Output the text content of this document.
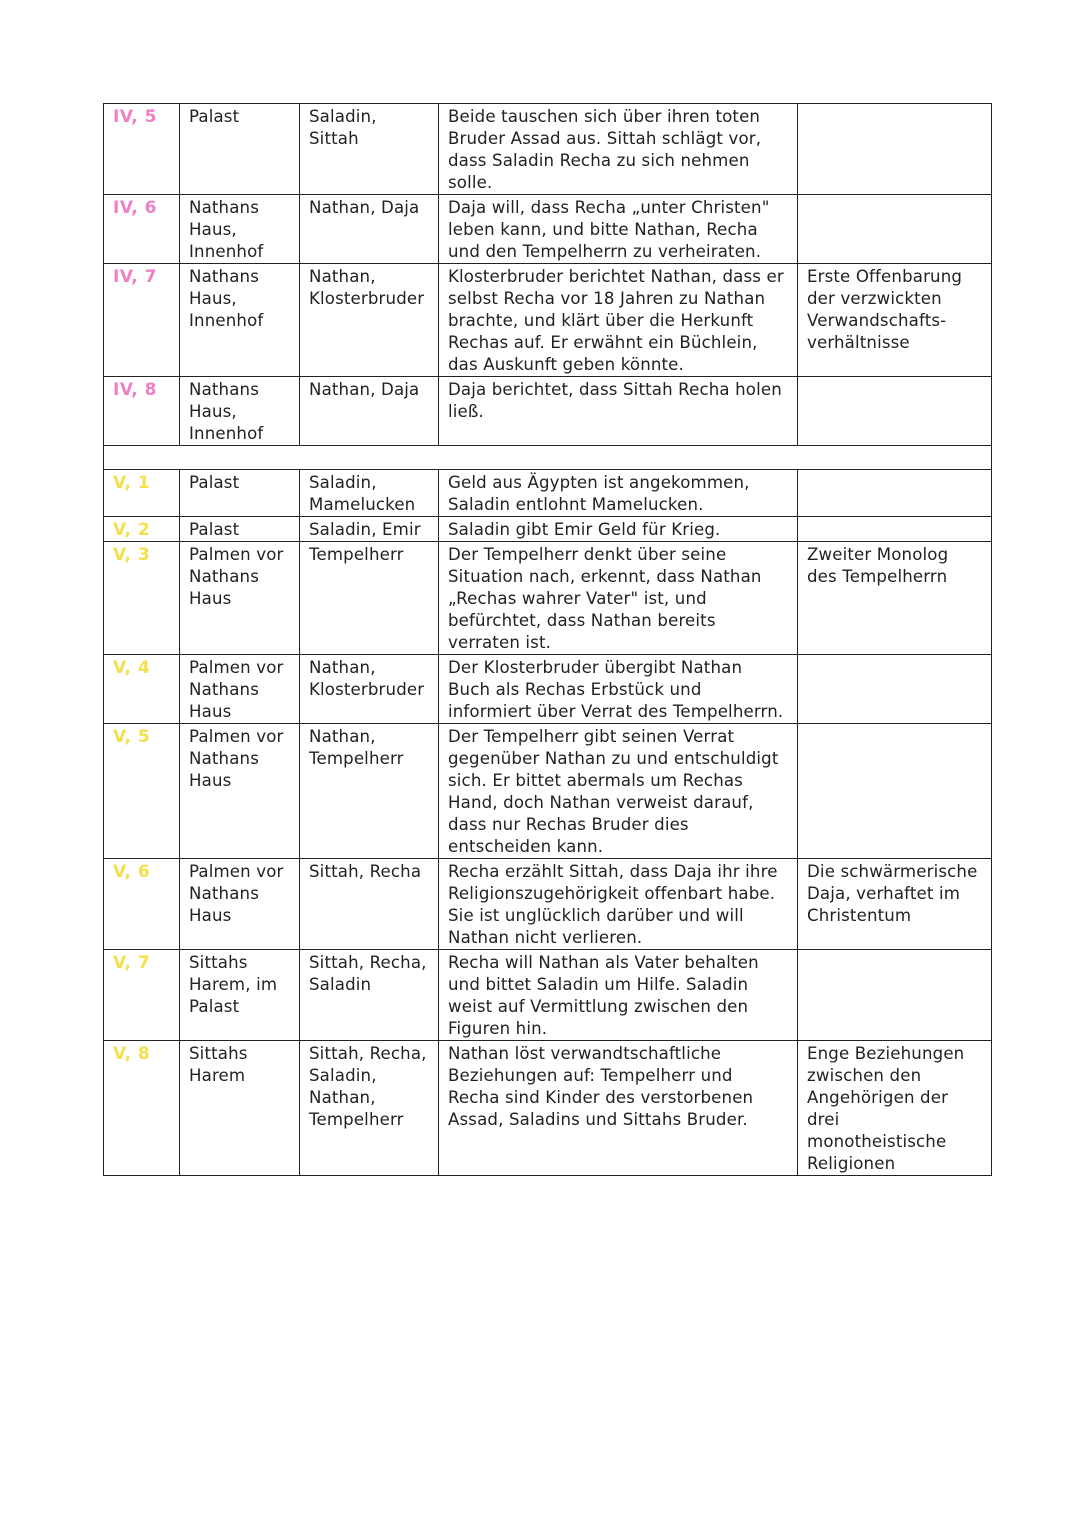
IV, 5	Palast	Saladin, Sittah	Beide tauschen sich über ihren toten Bruder Assad aus. Sittah schlägt vor, dass Saladin Recha zu sich nehmen solle.	
IV, 6	Nathans Haus, Innenhof	Nathan, Daja	Daja will, dass Recha „unter Christen" leben kann, und bitte Nathan, Recha und den Tempelherrn zu verheiraten.	
IV, 7	Nathans Haus, Innenhof	Nathan, Klosterbruder	Klosterbruder berichtet Nathan, dass er selbst Recha vor 18 Jahren zu Nathan brachte, und klärt über die Herkunft Rechas auf. Er erwähnt ein Büchlein, das Auskunft geben könnte.	Erste Offenbarung der verzwickten Verwandschafts-verhältnisse
IV, 8	Nathans Haus, Innenhof	Nathan, Daja	Daja berichtet, dass Sittah Recha holen ließ.	

V, 1	Palast	Saladin, Mamelucken	Geld aus Ägypten ist angekommen, Saladin entlohnt Mamelucken.	
V, 2	Palast	Saladin, Emir	Saladin gibt Emir Geld für Krieg.	
V, 3	Palmen vor Nathans Haus	Tempelherr	Der Tempelherr denkt über seine Situation nach, erkennt, dass Nathan „Rechas wahrer Vater" ist, und befürchtet, dass Nathan bereits verraten ist.	Zweiter Monolog des Tempelherrn
V, 4	Palmen vor Nathans Haus	Nathan, Klosterbruder	Der Klosterbruder übergibt Nathan Buch als Rechas Erbstück und informiert über Verrat des Tempelherrn.	
V, 5	Palmen vor Nathans Haus	Nathan, Tempelherr	Der Tempelherr gibt seinen Verrat gegenüber Nathan zu und entschuldigt sich. Er bittet abermals um Rechas Hand, doch Nathan verweist darauf, dass nur Rechas Bruder dies entscheiden kann.	
V, 6	Palmen vor Nathans Haus	Sittah, Recha	Recha erzählt Sittah, dass Daja ihr ihre Religionszugehörigkeit offenbart habe. Sie ist unglücklich darüber und will Nathan nicht verlieren.	Die schwärmerische Daja, verhaftet im Christentum
V, 7	Sittahs Harem, im Palast	Sittah, Recha, Saladin	Recha will Nathan als Vater behalten und bittet Saladin um Hilfe. Saladin weist auf Vermittlung zwischen den Figuren hin.	
V, 8	Sittahs Harem	Sittah, Recha, Saladin, Nathan, Tempelherr	Nathan löst verwandtschaftliche Beziehungen auf: Tempelherr und Recha sind Kinder des verstorbenen Assad, Saladins und Sittahs Bruder.	Enge Beziehungen zwischen den Angehörigen der drei monotheistische Religionen
